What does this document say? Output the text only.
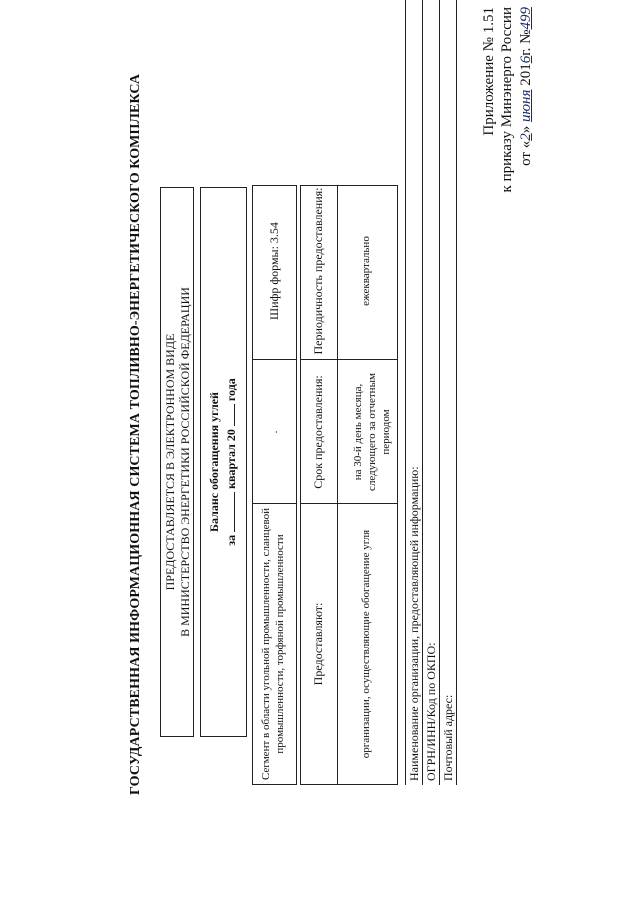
Приложение № 1.51 к приказу Минэнерго России от «2» июня 2016г. №499
ГОСУДАРСТВЕННАЯ ИНФОРМАЦИОННАЯ СИСТЕМА ТОПЛИВНО-ЭНЕРГЕТИЧЕСКОГО КОМПЛЕКСА ПРЕДОСТАВЛЯЕТСЯ В ЭЛЕКТРОННОМ ВИДЕ В МИНИСТЕРСТВО ЭНЕРГЕТИКИ РОССИЙСКОЙ ФЕДЕРАЦИИ Баланс обогащения углей
за  квартал 20  года
Сегмент в области угольной промышленности, сланцевой промышленности, торфяной промышленности
.
Шифр формы: 3.54
Предоставляют:
Срок предоставления:
Периодичность предоставления:
организации, осуществляющие обогащение угля
на 30-й день месяца, следующего за отчетным периодом
ежеквартально
Наименование организации, предоставляющей информацию: ОГРН/ИНН/Код по ОКПО: Почтовый адрес:
